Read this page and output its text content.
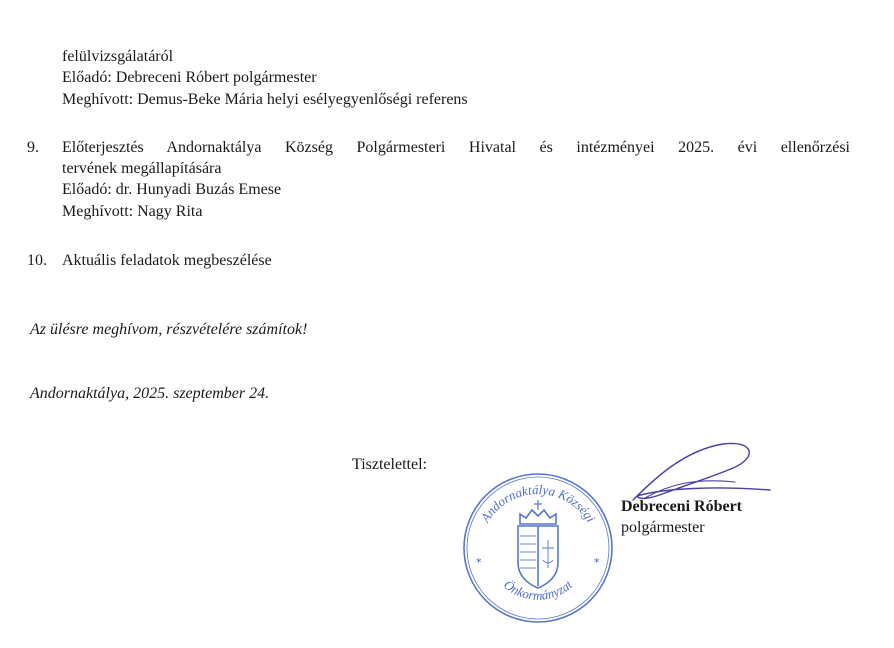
felülvizsgálatáról
Előadó: Debreceni Róbert polgármester
Meghívott: Demus-Beke Mária helyi esélyegyenlőségi referens
9. Előterjesztés Andornaktálya Község Polgármesteri Hivatal és intézményei 2025. évi ellenőrzési
tervének megállapítására
Előadó: dr. Hunyadi Buzás Emese
Meghívott: Nagy Rita
10. Aktuális feladatok megbeszélése
Az ülésre meghívom, részvételére számítok!
Andornaktálya, 2025. szeptember 24.
Tisztelettel:
Debreceni Róbert
polgármester
Andornaktálya Községi
Önkormányzat
*	*
